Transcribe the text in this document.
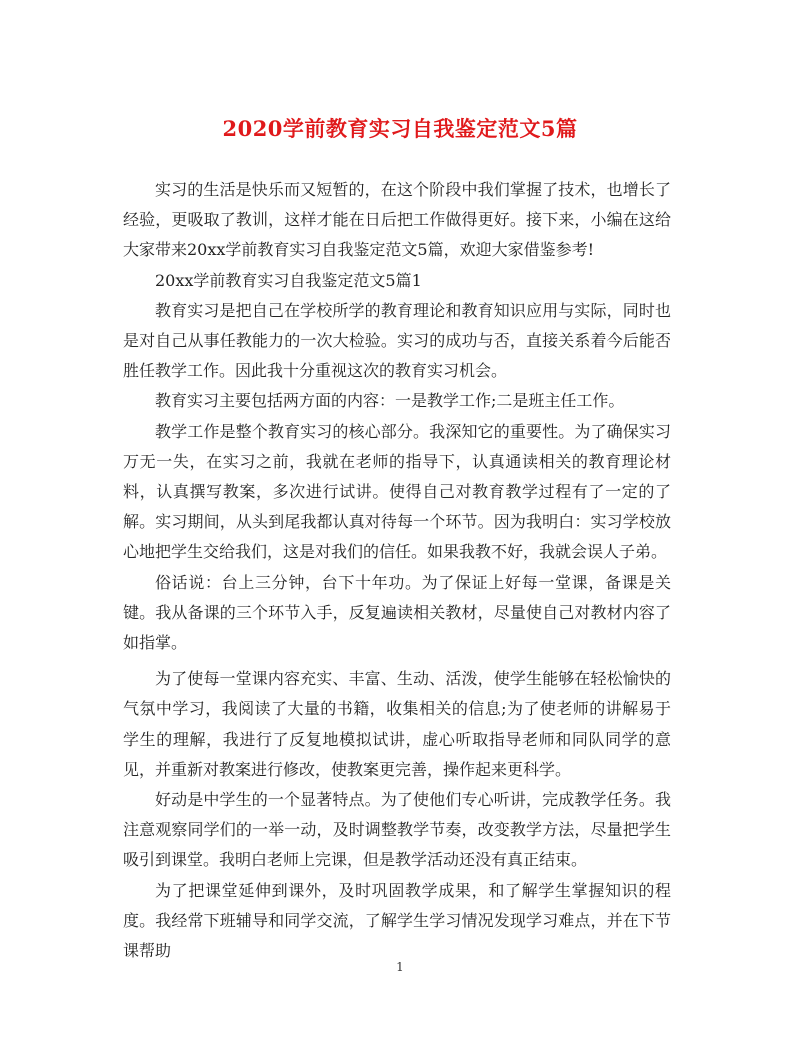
2020学前教育实习自我鉴定范文5篇

实习的生活是快乐而又短暂的，在这个阶段中我们掌握了技术，也增长了经验，更吸取了教训，这样才能在日后把工作做得更好。接下来，小编在这给大家带来20xx学前教育实习自我鉴定范文5篇，欢迎大家借鉴参考!

20xx学前教育实习自我鉴定范文5篇1

教育实习是把自己在学校所学的教育理论和教育知识应用与实际，同时也是对自己从事任教能力的一次大检验。实习的成功与否，直接关系着今后能否胜任教学工作。因此我十分重视这次的教育实习机会。

教育实习主要包括两方面的内容：一是教学工作;二是班主任工作。

教学工作是整个教育实习的核心部分。我深知它的重要性。为了确保实习万无一失，在实习之前，我就在老师的指导下，认真通读相关的教育理论材料，认真撰写教案，多次进行试讲。使得自己对教育教学过程有了一定的了解。实习期间，从头到尾我都认真对待每一个环节。因为我明白：实习学校放心地把学生交给我们，这是对我们的信任。如果我教不好，我就会误人子弟。

俗话说：台上三分钟，台下十年功。为了保证上好每一堂课，备课是关键。我从备课的三个环节入手，反复遍读相关教材，尽量使自己对教材内容了如指掌。

为了使每一堂课内容充实、丰富、生动、活泼，使学生能够在轻松愉快的气氛中学习，我阅读了大量的书籍，收集相关的信息;为了使老师的讲解易于学生的理解，我进行了反复地模拟试讲，虚心听取指导老师和同队同学的意见，并重新对教案进行修改，使教案更完善，操作起来更科学。

好动是中学生的一个显著特点。为了使他们专心听讲，完成教学任务。我注意观察同学们的一举一动，及时调整教学节奏，改变教学方法，尽量把学生吸引到课堂。我明白老师上完课，但是教学活动还没有真正结束。

为了把课堂延伸到课外，及时巩固教学成果，和了解学生掌握知识的程度。我经常下班辅导和同学交流，了解学生学习情况发现学习难点，并在下节课帮助

1
